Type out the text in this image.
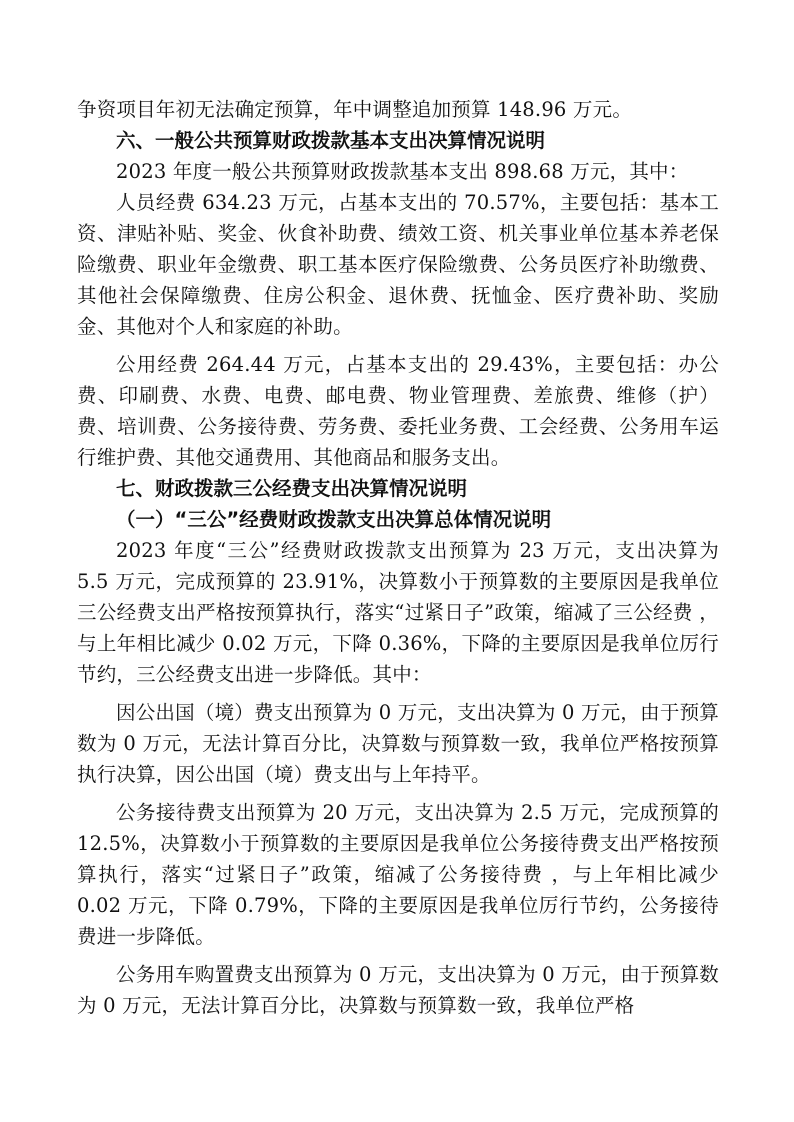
争资项目年初无法确定预算，年中调整追加预算 148.96 万元。

六、一般公共预算财政拨款基本支出决算情况说明

2023 年度一般公共预算财政拨款基本支出 898.68 万元，其中：

人员经费 634.23 万元，占基本支出的 70.57%，主要包括：基本工资、津贴补贴、奖金、伙食补助费、绩效工资、机关事业单位基本养老保险缴费、职业年金缴费、职工基本医疗保险缴费、公务员医疗补助缴费、其他社会保障缴费、住房公积金、退休费、抚恤金、医疗费补助、奖励金、其他对个人和家庭的补助。

公用经费 264.44 万元，占基本支出的 29.43%，主要包括：办公费、印刷费、水费、电费、邮电费、物业管理费、差旅费、维修（护）费、培训费、公务接待费、劳务费、委托业务费、工会经费、公务用车运行维护费、其他交通费用、其他商品和服务支出。

七、财政拨款三公经费支出决算情况说明

（一）“三公”经费财政拨款支出决算总体情况说明

2023 年度“三公”经费财政拨款支出预算为 23 万元，支出决算为 5.5 万元，完成预算的 23.91%，决算数小于预算数的主要原因是我单位三公经费支出严格按预算执行，落实“过紧日子”政策，缩减了三公经费 ，与上年相比减少 0.02 万元，下降 0.36%，下降的主要原因是我单位厉行节约，三公经费支出进一步降低。其中：

因公出国（境）费支出预算为 0 万元，支出决算为 0 万元，由于预算数为 0 万元，无法计算百分比，决算数与预算数一致，我单位严格按预算执行决算，因公出国（境）费支出与上年持平。

公务接待费支出预算为 20 万元，支出决算为 2.5 万元，完成预算的 12.5%，决算数小于预算数的主要原因是我单位公务接待费支出严格按预算执行，落实“过紧日子”政策，缩减了公务接待费 ，与上年相比减少 0.02 万元，下降 0.79%，下降的主要原因是我单位厉行节约，公务接待费进一步降低。

公务用车购置费支出预算为 0 万元，支出决算为 0 万元，由于预算数为 0 万元，无法计算百分比，决算数与预算数一致，我单位严格
